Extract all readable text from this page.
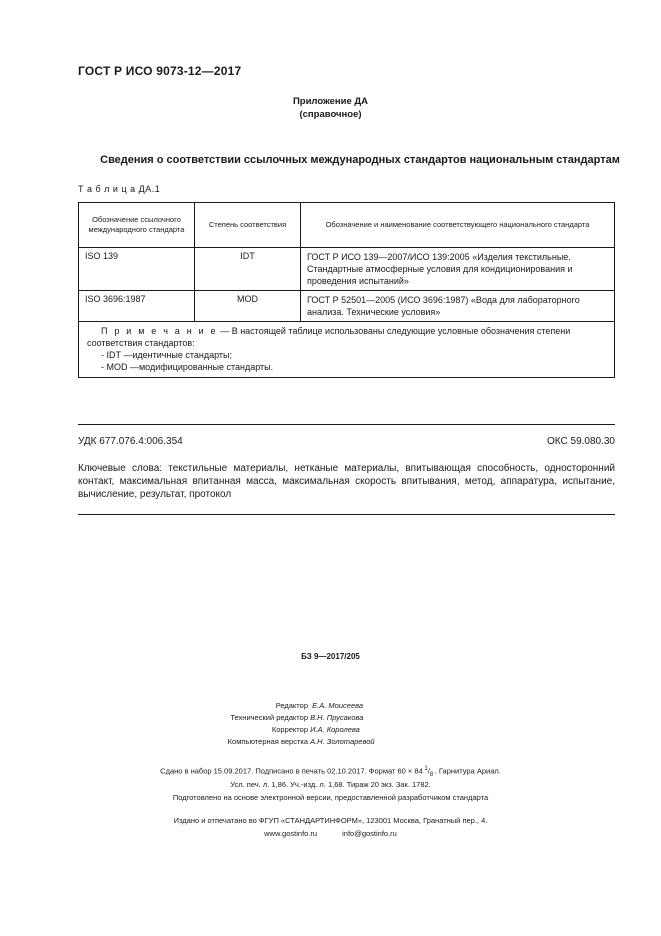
ГОСТ Р ИСО 9073-12—2017
Приложение ДА
(справочное)
Сведения о соответствии ссылочных международных стандартов национальным стандартам
Т а б л и ц а ДА.1
Обозначение ссылочного международного стандарта	Степень соответствия	Обозначение и наименование соответствующего национального стандарта
ISO 139	IDT	ГОСТ Р ИСО 139—2007/ИСО 139:2005 «Изделия текстильные. Стандартные атмосферные условия для кондиционирования и проведения испытаний»
ISO 3696:1987	MOD	ГОСТ Р 52501—2005 (ИСО 3696:1987) «Вода для лабораторного анализа. Технические условия»

П р и м е ч а н и е — В настоящей таблице использованы следующие условные обозначения степени соответствия стандартов:
- IDT —идентичные стандарты;
- MOD —модифицированные стандарты.		
УДК 677.076.4:006.354	ОКС 59.080.30
Ключевые слова: текстильные материалы, нетканые материалы, впитывающая способность, односторонний контакт, максимальная впитанная масса, максимальная скорость впитывания, метод, аппаратура, испытание, вычисление, результат, протокол
БЗ 9—2017/205
Редактор Е.А. Моисеева
Технический редактор В.Н. Прусакова
Корректор И.А. Королева
Компьютерная верстка А.Н. Золотаревой
Сдано в набор 15.09.2017. Подписано в печать 02.10.2017. Формат 60 × 84 $^1/_8$ . Гарнитура Ариал.
Усл. печ. л. 1,86. Уч.-изд. л. 1,68. Тираж 20 экз. Зак. 1782.
Подготовлено на основе электронной версии, предоставленной разработчиком стандарта
Издано и отпечатано во ФГУП «СТАНДАРТИНФОРМ», 123001 Москва, Гранатный пер., 4.
www.gostinfo.ru	info@gostinfo.ru
